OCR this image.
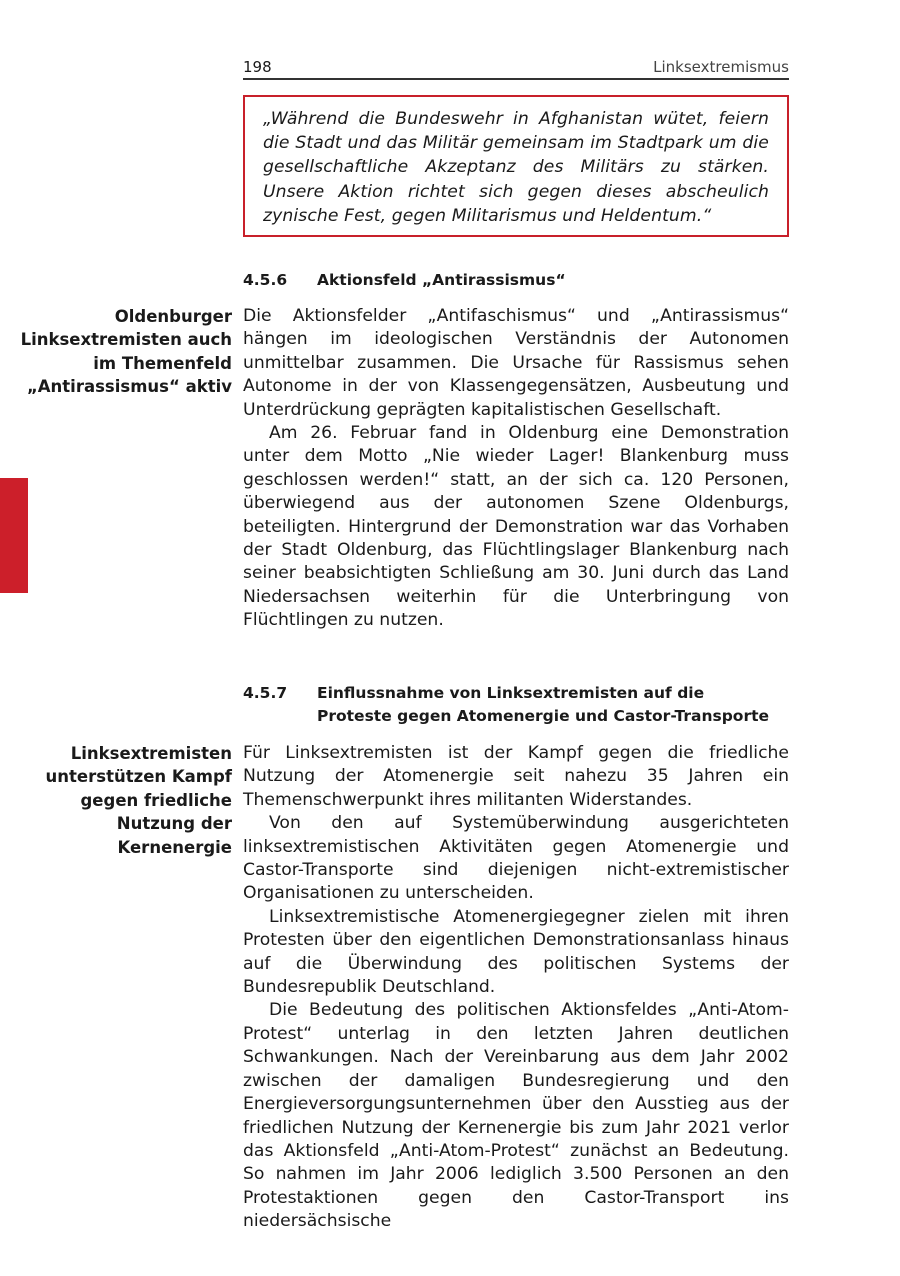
198	Linksextremismus

„Während die Bundeswehr in Afghanistan wütet, feiern die Stadt und das Militär gemeinsam im Stadtpark um die gesellschaftliche Akzeptanz des Militärs zu stärken. Unsere Aktion richtet sich gegen dieses abscheulich zynische Fest, gegen Militarismus und Heldentum.“

4.5.6	Aktionsfeld „Antirassismus“
Oldenburger Linksextremisten auch im Themenfeld „Antirassismus“ aktiv

Die Aktionsfelder „Antifaschismus“ und „Antirassismus“ hängen im ideologischen Verständnis der Autonomen unmittelbar zusammen. Die Ursache für Rassismus sehen Autonome in der von Klassengegensätzen, Ausbeutung und Unterdrückung geprägten kapitalistischen Gesellschaft.

Am 26. Februar fand in Oldenburg eine Demonstration unter dem Motto „Nie wieder Lager! Blankenburg muss geschlossen werden!“ statt, an der sich ca. 120 Personen, überwiegend aus der autonomen Szene Oldenburgs, beteiligten. Hintergrund der Demonstration war das Vorhaben der Stadt Oldenburg, das Flüchtlingslager Blankenburg nach seiner beabsichtigten Schließung am 30. Juni durch das Land Niedersachsen weiterhin für die Unterbringung von Flüchtlingen zu nutzen.

4.5.7	Einflussnahme von Linksextremisten auf die
Proteste gegen Atomenergie und Castor-Transporte
Linksextremisten unterstützen Kampf gegen friedliche Nutzung der Kernenergie

Für Linksextremisten ist der Kampf gegen die friedliche Nutzung der Atomenergie seit nahezu 35 Jahren ein Themenschwerpunkt ihres militanten Widerstandes.

Von den auf Systemüberwindung ausgerichteten linksextremistischen Aktivitäten gegen Atomenergie und Castor-Transporte sind diejenigen nicht-extremistischer Organisationen zu unterscheiden.

Linksextremistische Atomenergiegegner zielen mit ihren Protesten über den eigentlichen Demonstrationsanlass hinaus auf die Überwindung des politischen Systems der Bundesrepublik Deutschland.

Die Bedeutung des politischen Aktionsfeldes „Anti-Atom-Protest“ unterlag in den letzten Jahren deutlichen Schwankungen. Nach der Vereinbarung aus dem Jahr 2002 zwischen der damaligen Bundesregierung und den Energieversorgungsunternehmen über den Ausstieg aus der friedlichen Nutzung der Kernenergie bis zum Jahr 2021 verlor das Aktionsfeld „Anti-Atom-Protest“ zunächst an Bedeutung. So nahmen im Jahr 2006 lediglich 3.500 Personen an den Protestaktionen gegen den Castor-Transport ins niedersächsische
